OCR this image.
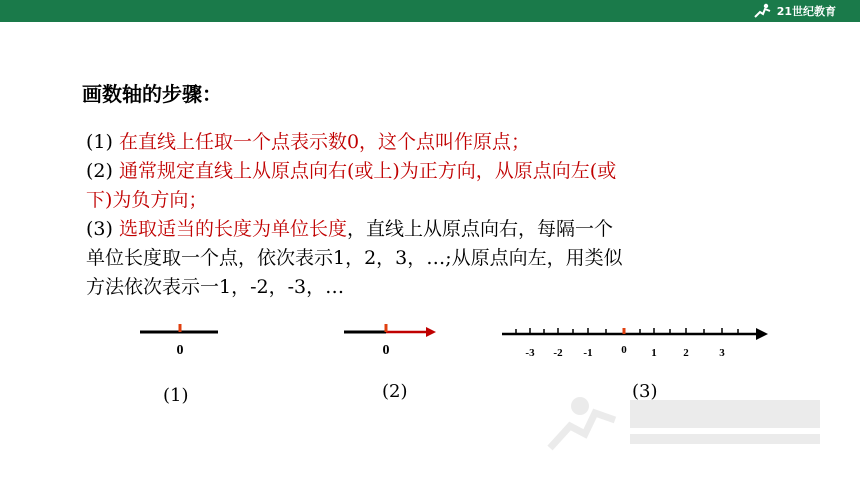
21世纪教育
画数轴的步骤：
(1) 在直线上任取一个点表示数0，这个点叫作原点；
(2) 通常规定直线上从原点向右(或上)为正方向，从原点向左(或
下)为负方向；
(3) 选取适当的长度为单位长度，直线上从原点向右，每隔一个
单位长度取一个点，依次表示1，2，3，…;从原点向左，用类似
方法依次表示一1，-2，-3，…
0
(1)
0
(2)
-3 -2 -1	0 1 2	3
(3)
